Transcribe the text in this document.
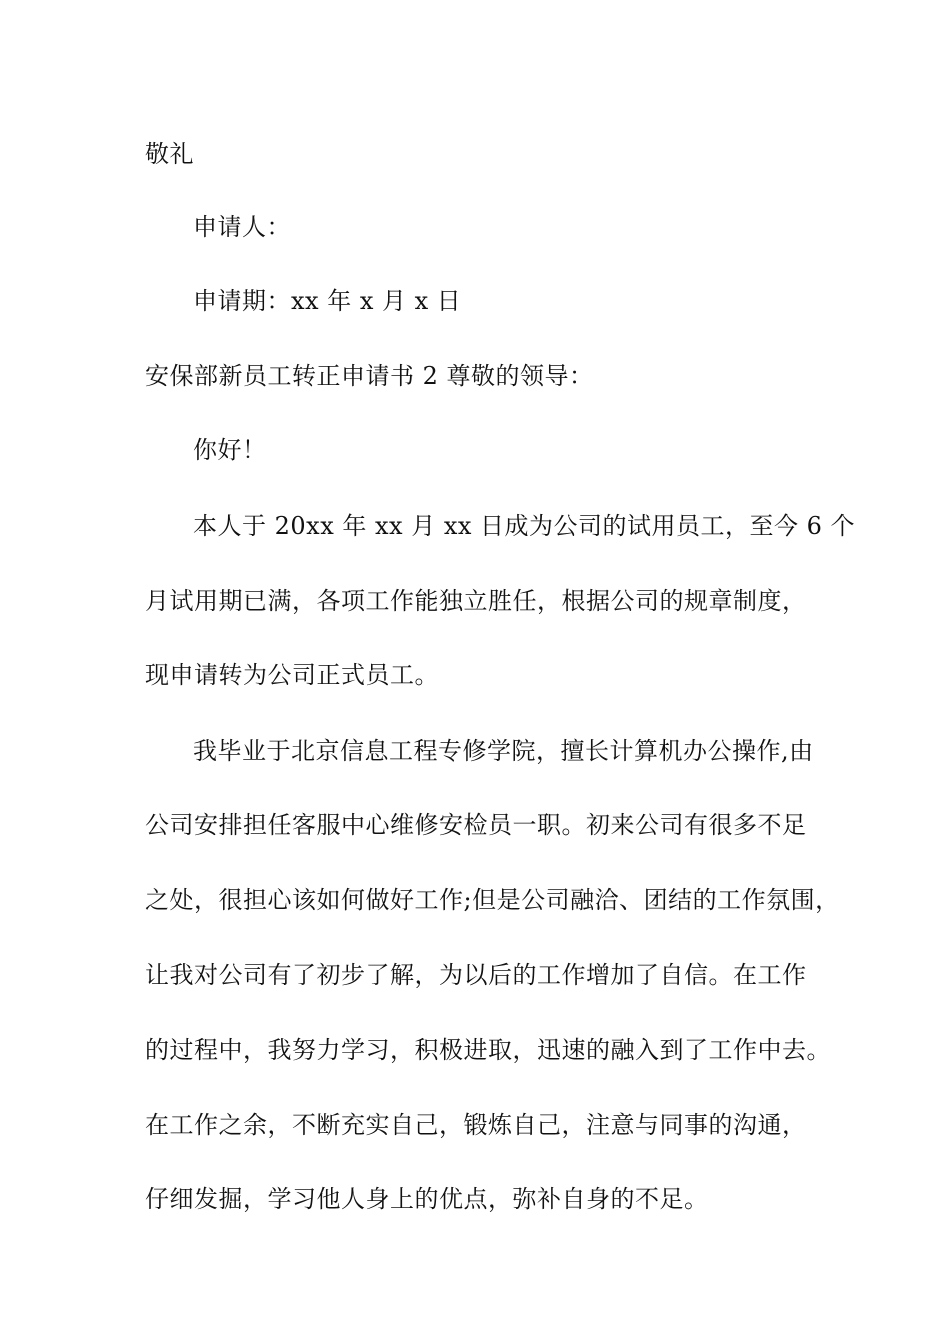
敬礼
申请人：
申请期：xx 年 x 月 x 日
安保部新员工转正申请书 2 尊敬的领导：
你好！
本人于 20xx 年 xx 月 xx 日成为公司的试用员工，至今 6 个
月试用期已满，各项工作能独立胜任，根据公司的规章制度，
现申请转为公司正式员工。
我毕业于北京信息工程专修学院，擅长计算机办公操作,由
公司安排担任客服中心维修安检员一职。初来公司有很多不足
之处，很担心该如何做好工作;但是公司融洽、团结的工作氛围，
让我对公司有了初步了解，为以后的工作增加了自信。在工作
的过程中，我努力学习，积极进取，迅速的融入到了工作中去。
在工作之余，不断充实自己，锻炼自己，注意与同事的沟通，
仔细发掘，学习他人身上的优点，弥补自身的不足。
